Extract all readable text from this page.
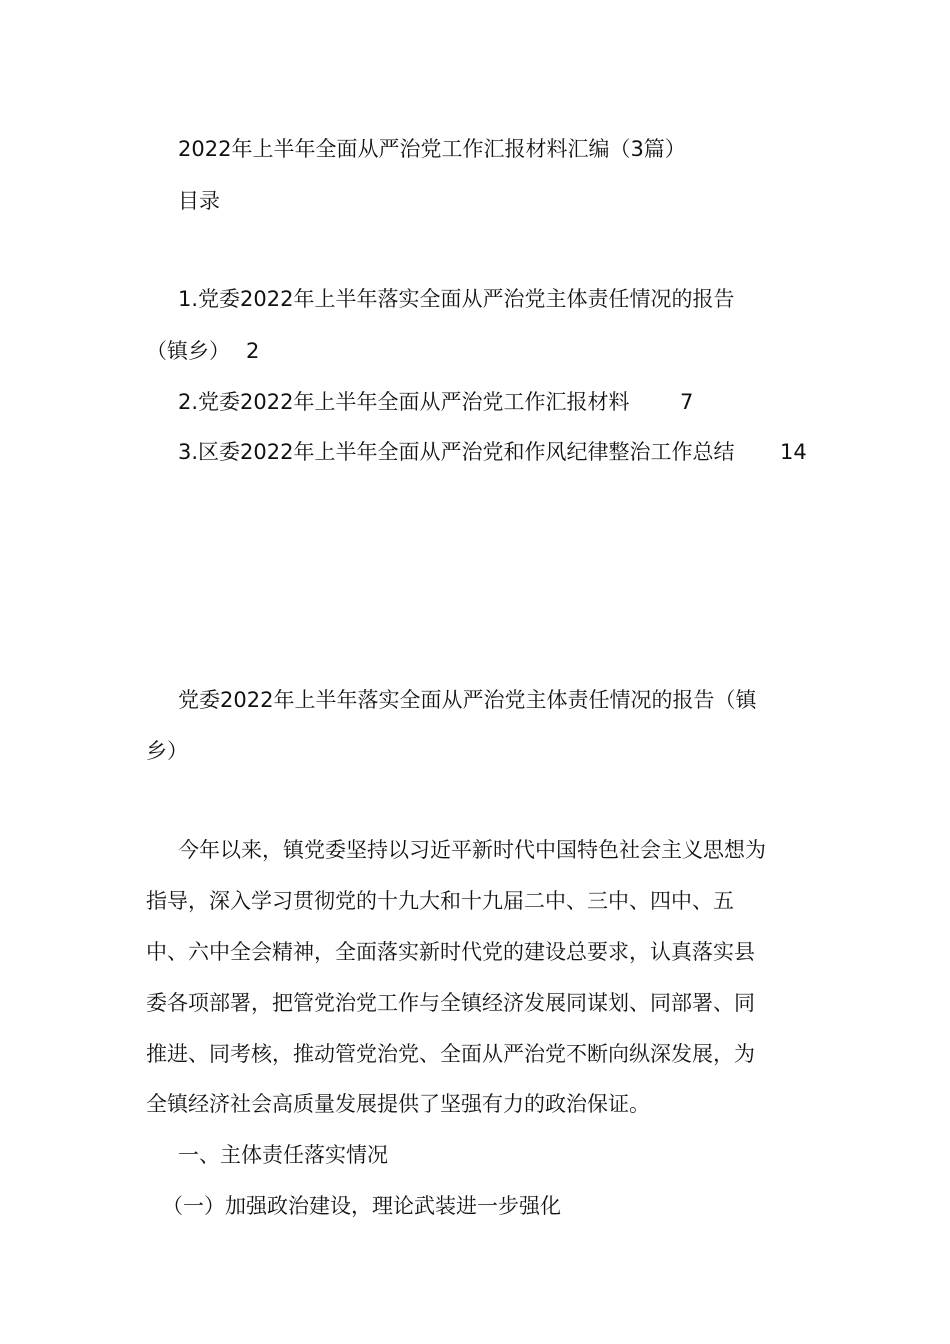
2022年上半年全面从严治党工作汇报材料汇编（3篇）
目录
1.党委2022年上半年落实全面从严治党主体责任情况的报告
（镇乡） 2
2.党委2022年上半年全面从严治党工作汇报材料 7
3.区委2022年上半年全面从严治党和作风纪律整治工作总结 14
党委2022年上半年落实全面从严治党主体责任情况的报告（镇
乡）
今年以来，镇党委坚持以习近平新时代中国特色社会主义思想为
指导，深入学习贯彻党的十九大和十九届二中、三中、四中、五
中、六中全会精神，全面落实新时代党的建设总要求，认真落实县
委各项部署，把管党治党工作与全镇经济发展同谋划、同部署、同
推进、同考核，推动管党治党、全面从严治党不断向纵深发展，为
全镇经济社会高质量发展提供了坚强有力的政治保证。
一、主体责任落实情况
（一）加强政治建设，理论武装进一步强化
